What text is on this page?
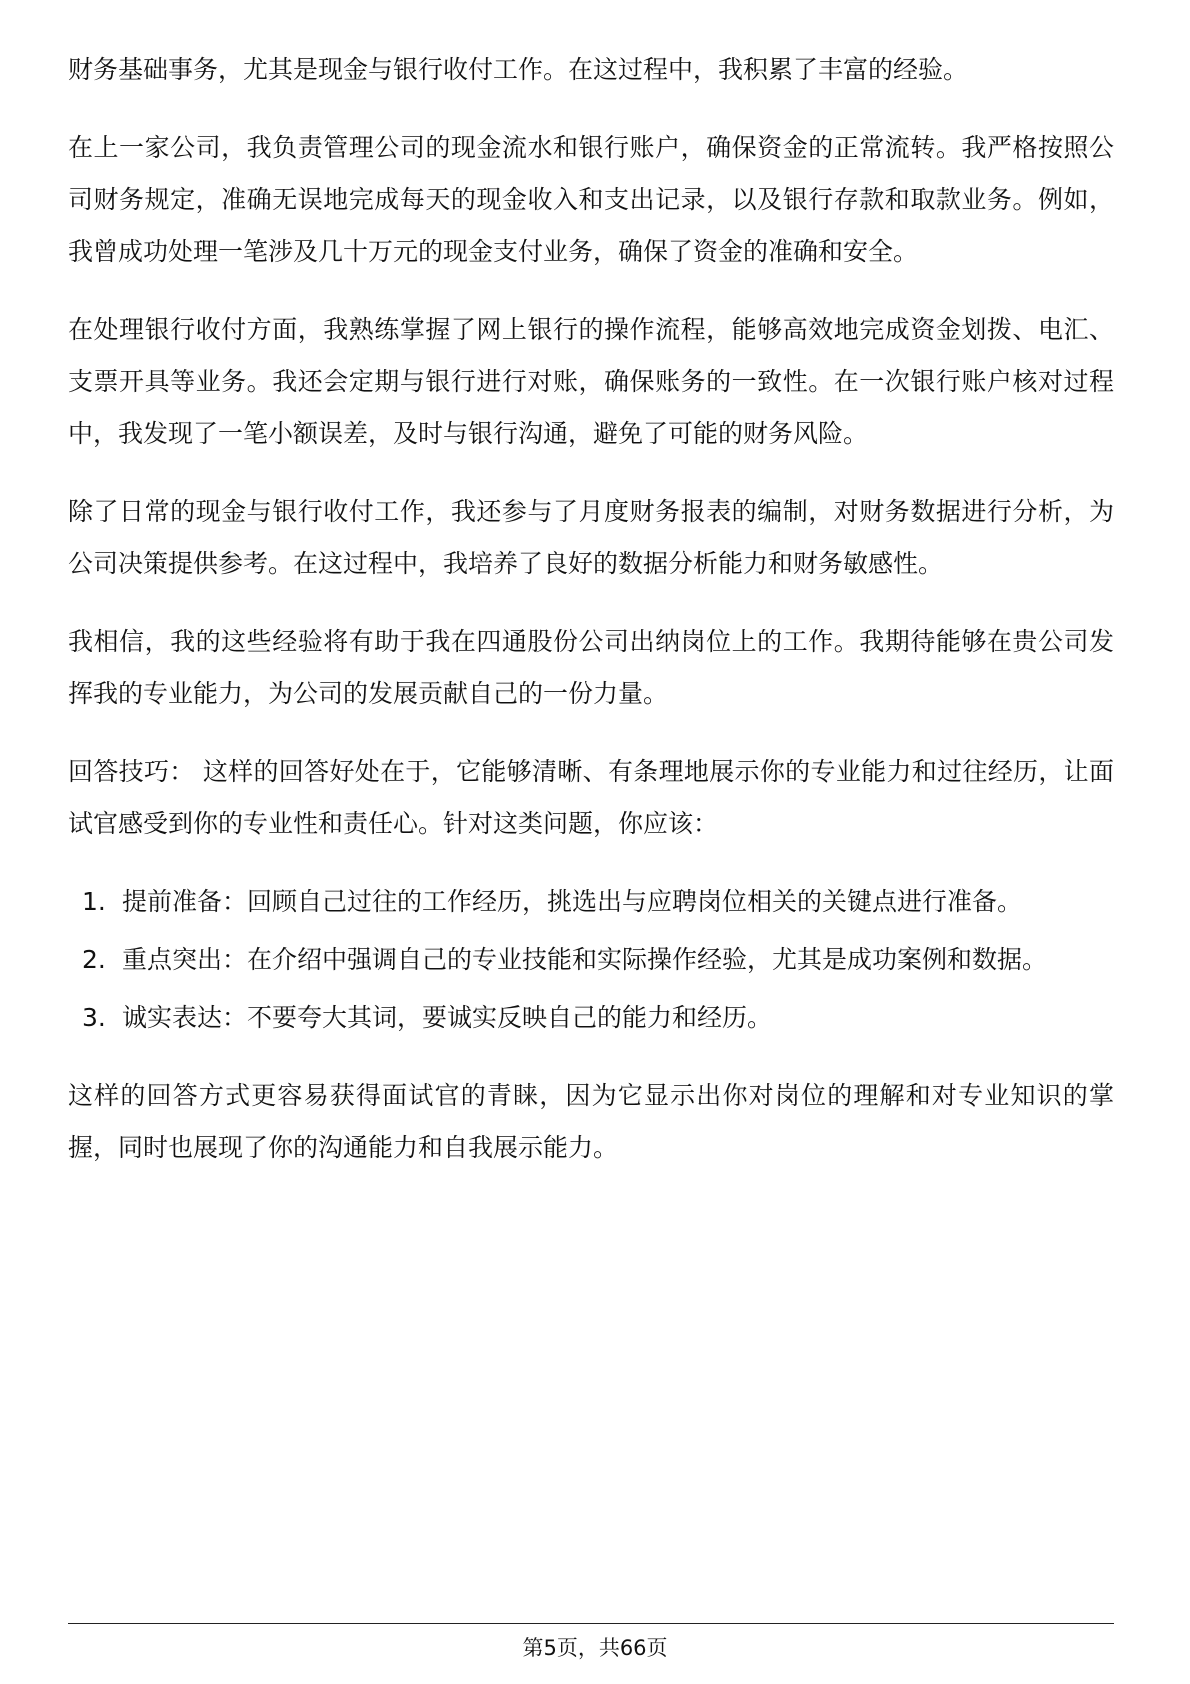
财务基础事务，尤其是现金与银行收付工作。在这过程中，我积累了丰富的经验。

在上一家公司，我负责管理公司的现金流水和银行账户，确保资金的正常流转。我严格按照公司财务规定，准确无误地完成每天的现金收入和支出记录，以及银行存款和取款业务。例如，我曾成功处理一笔涉及几十万元的现金支付业务，确保了资金的准确和安全。

在处理银行收付方面，我熟练掌握了网上银行的操作流程，能够高效地完成资金划拨、电汇、支票开具等业务。我还会定期与银行进行对账，确保账务的一致性。在一次银行账户核对过程中，我发现了一笔小额误差，及时与银行沟通，避免了可能的财务风险。

除了日常的现金与银行收付工作，我还参与了月度财务报表的编制，对财务数据进行分析，为公司决策提供参考。在这过程中，我培养了良好的数据分析能力和财务敏感性。

我相信，我的这些经验将有助于我在四通股份公司出纳岗位上的工作。我期待能够在贵公司发挥我的专业能力，为公司的发展贡献自己的一份力量。

回答技巧： 这样的回答好处在于，它能够清晰、有条理地展示你的专业能力和过往经历，让面试官感受到你的专业性和责任心。针对这类问题，你应该：

1. 提前准备：回顾自己过往的工作经历，挑选出与应聘岗位相关的关键点进行准备。
2. 重点突出：在介绍中强调自己的专业技能和实际操作经验，尤其是成功案例和数据。
3. 诚实表达：不要夸大其词，要诚实反映自己的能力和经历。

这样的回答方式更容易获得面试官的青睐，因为它显示出你对岗位的理解和对专业知识的掌握，同时也展现了你的沟通能力和自我展示能力。

第5页，共66页
